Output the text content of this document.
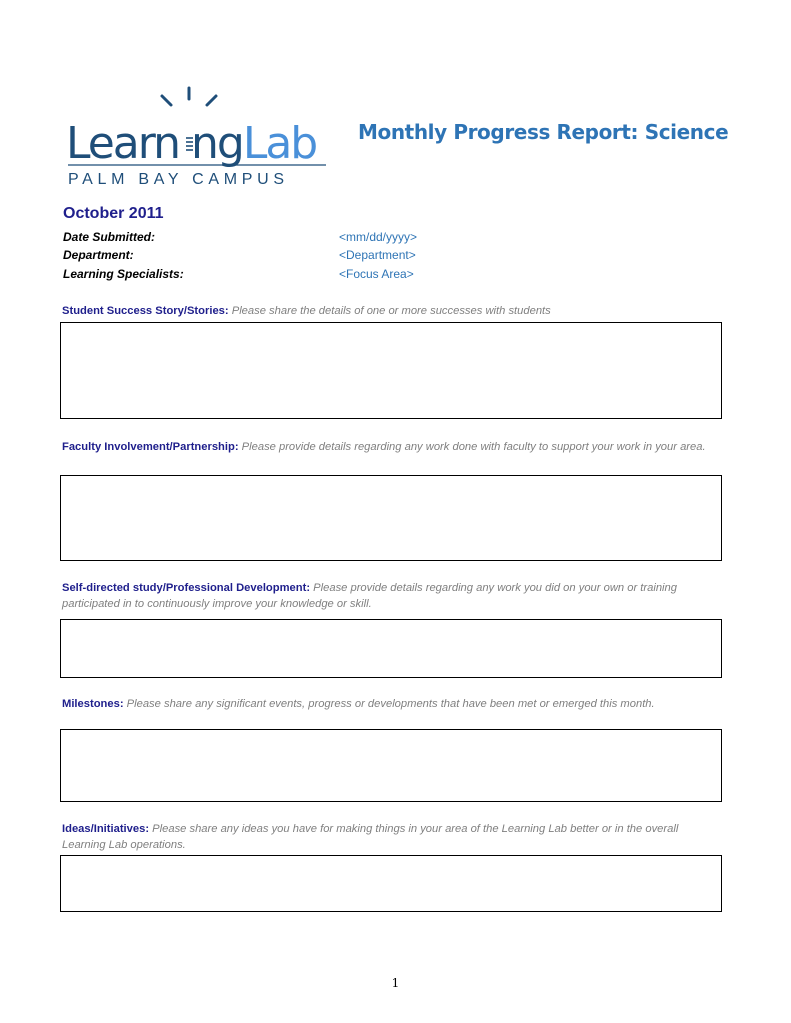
Learn ngLab
PALM BAY CAMPUS
Monthly Progress Report: Science
October 2011
Date Submitted:	<mm/dd/yyyy>
Department:	<Department>
Learning Specialists:	<Focus Area>
Student Success Story/Stories: Please share the details of one or more successes with students
Faculty Involvement/Partnership: Please provide details regarding any work done with faculty to support your work in your area.
Self-directed study/Professional Development: Please provide details regarding any work you did on your own or training participated in to continuously improve your knowledge or skill.
Milestones: Please share any significant events, progress or developments that have been met or emerged this month.
Ideas/Initiatives: Please share any ideas you have for making things in your area of the Learning Lab better or in the overall Learning Lab operations.
1
